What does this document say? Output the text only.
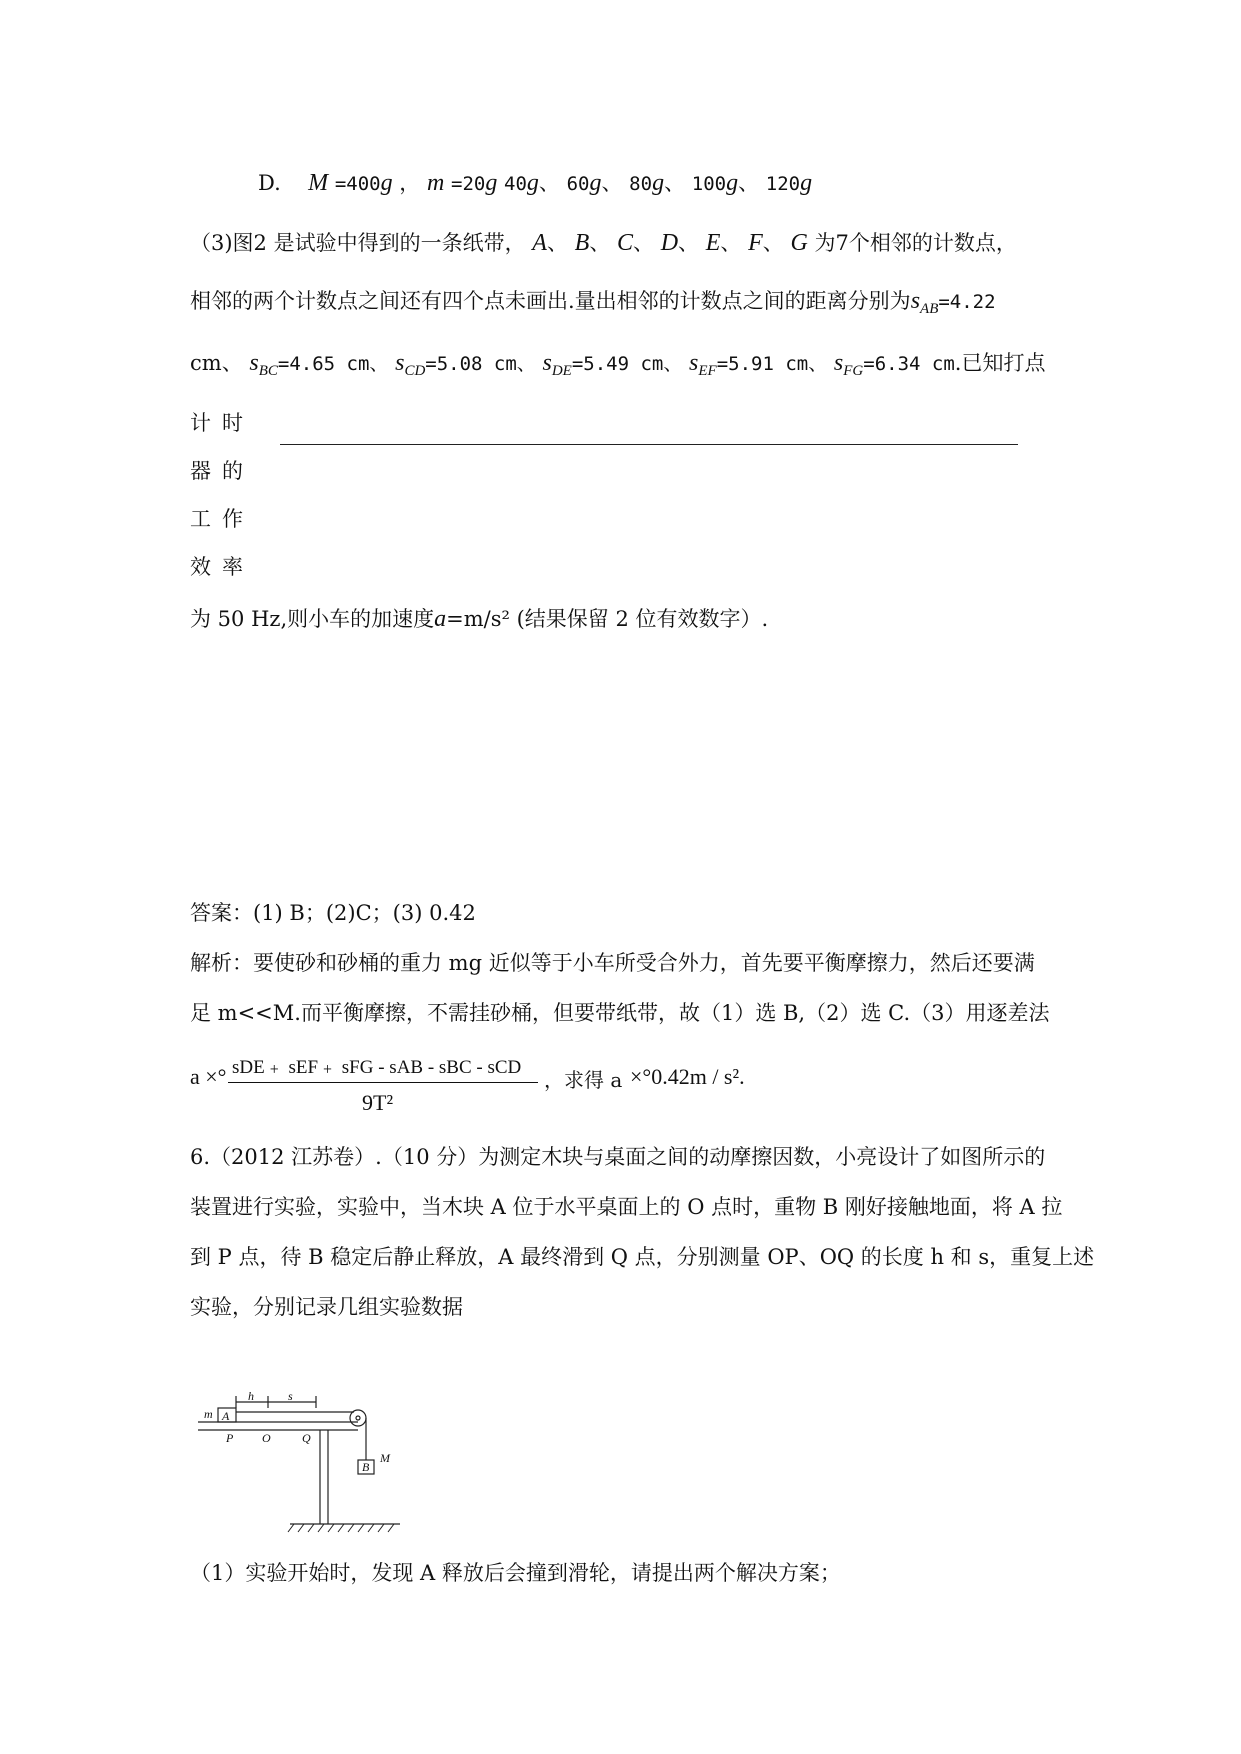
D. M =400g ， m =20g 40g、 60g、 80g、 100g、 120g
（3)图2 是试验中得到的一条纸带， A、 B、 C、 D、 E、 F、 G 为7个相邻的计数点，
相邻的两个计数点之间还有四个点未画出.量出相邻的计数点之间的距离分别为$s_{AB}=4.22$
cm、 $s_{BC}=4.65$ cm、 $s_{CD}=5.08$ cm、 $s_{DE}=5.49$ cm、 $s_{EF}=5.91$ cm、 $s_{FG}=6.34$ cm.已知打点
计
器
工
效
时
的
作
率
为 50 Hz,则小车的加速度a=m/s² (结果保留 2 位有效数字）.
答案：(1) B；(2)C；(3) 0.42
解析：要使砂和砂桶的重力 mg 近似等于小车所受合外力，首先要平衡摩擦力，然后还要满
足 m<<M.而平衡摩擦，不需挂砂桶，但要带纸带，故（1）选 B,（2）选 C.（3）用逐差法
a ×° sDE﹢ sEF﹢ sFG - sAB - sBC - sCD
9T²
，求得 a ×°0.42m / s².
6.（2012 江苏卷）.（10 分）为测定木块与桌面之间的动摩擦因数，小亮设计了如图所示的
装置进行实验，实验中，当木块 A 位于水平桌面上的 O 点时，重物 B 刚好接触地面，将 A 拉
到 P 点，待 B 稳定后静止释放，A 最终滑到 Q 点，分别测量 OP、OQ 的长度 h 和 s，重复上述
实验，分别记录几组实验数据
m A
h	s
P O	Q
M
B
（1）实验开始时，发现 A 释放后会撞到滑轮，请提出两个解决方案；
